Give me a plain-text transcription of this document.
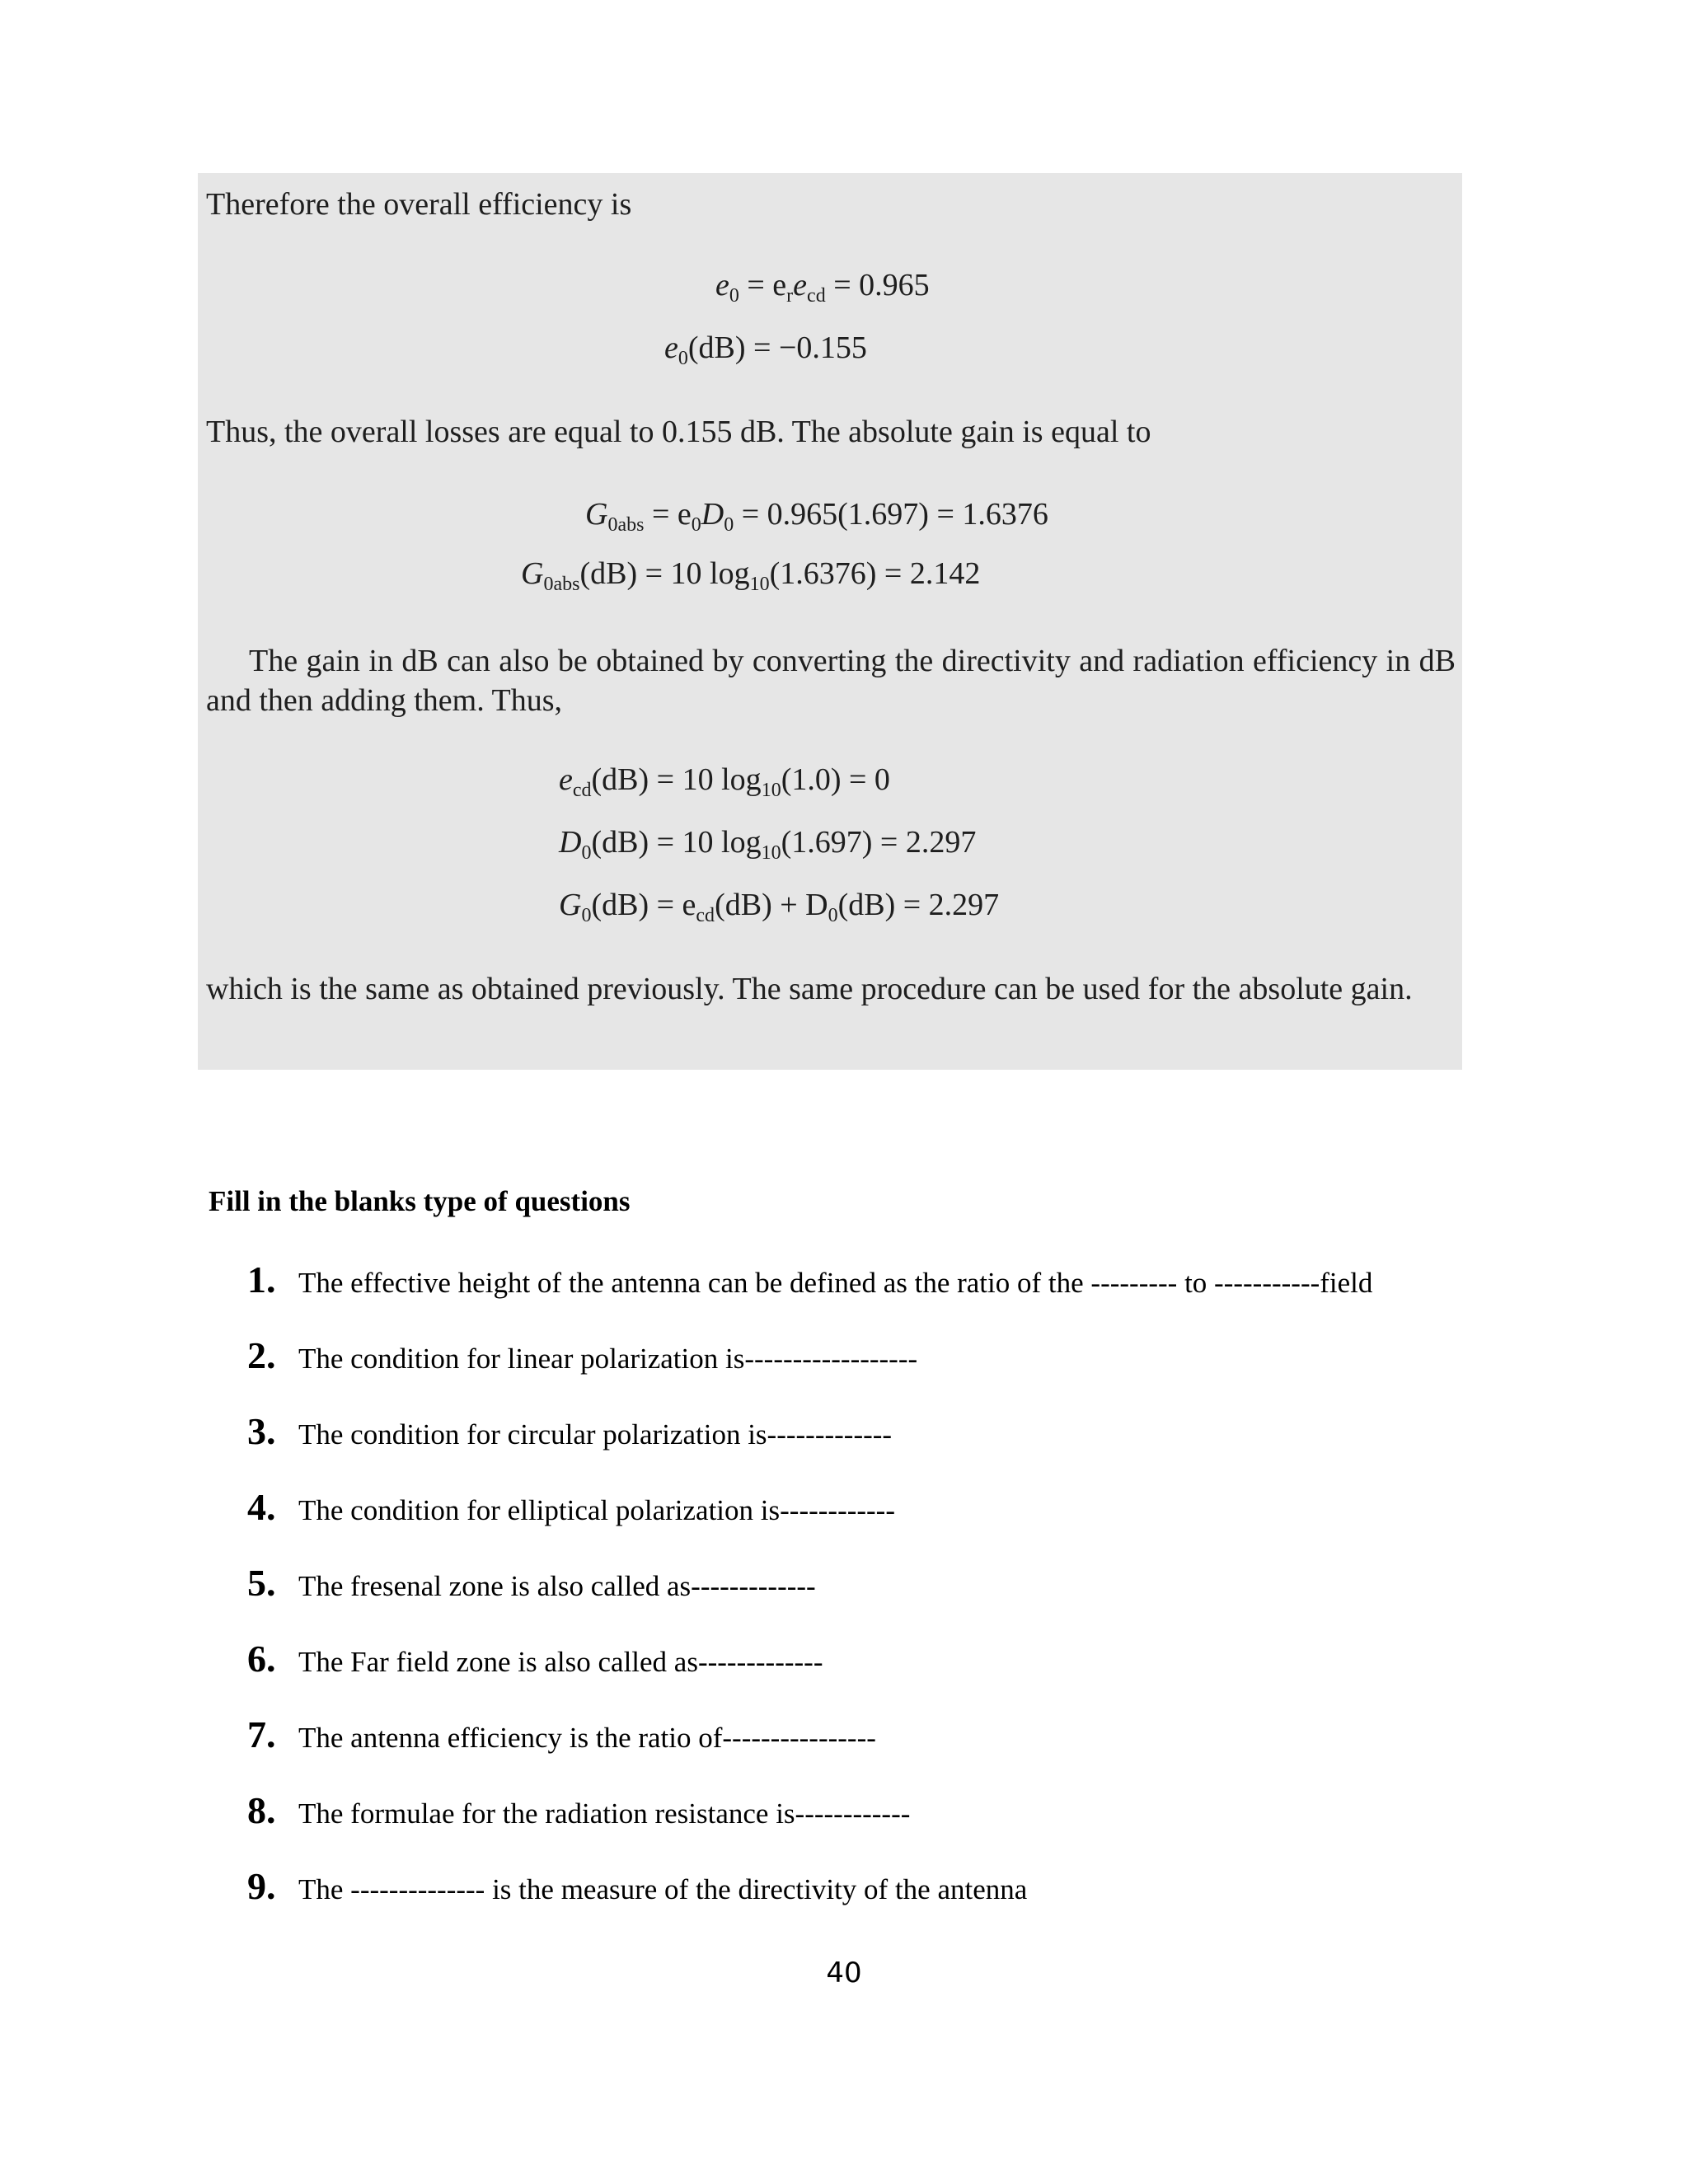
Therefore the overall efficiency is
$e_0 = e_re_{cd} = 0.965$
$e_0(dB) = -0.155$
Thus, the overall losses are equal to 0.155 dB. The absolute gain is equal to
$G_{0abs} = e_0D_0 = 0.965(1.697) = 1.6376$
$G_{0abs}(dB) = 10$ $\log_{10}(1.6376) = 2.142$
The gain in dB can also be obtained by converting the directivity and radiation efficiency in dB and then adding them. Thus,
$e_{cd}(dB) = 10$ $\log_{10}(1.0) = 0$
$D_0(dB) = 10$ $\log_{10}(1.697) = 2.297$
$G_0(dB) = e_{cd}(dB) + D_0(dB) = 2.297$
which is the same as obtained previously. The same procedure can be used for the absolute gain.
Fill in the blanks type of questions
1. The effective height of the antenna can be defined as the ratio of the --------- to -----------field
2. The condition for linear polarization is------------------
3. The condition for circular polarization is-------------
4. The condition for elliptical polarization is------------
5. The fresenal zone is also called as-------------
6. The Far field zone is also called as-------------
7. The antenna efficiency is the ratio of----------------
8. The formulae for the radiation resistance is------------
9. The -------------- is the measure of the directivity of the antenna
40
